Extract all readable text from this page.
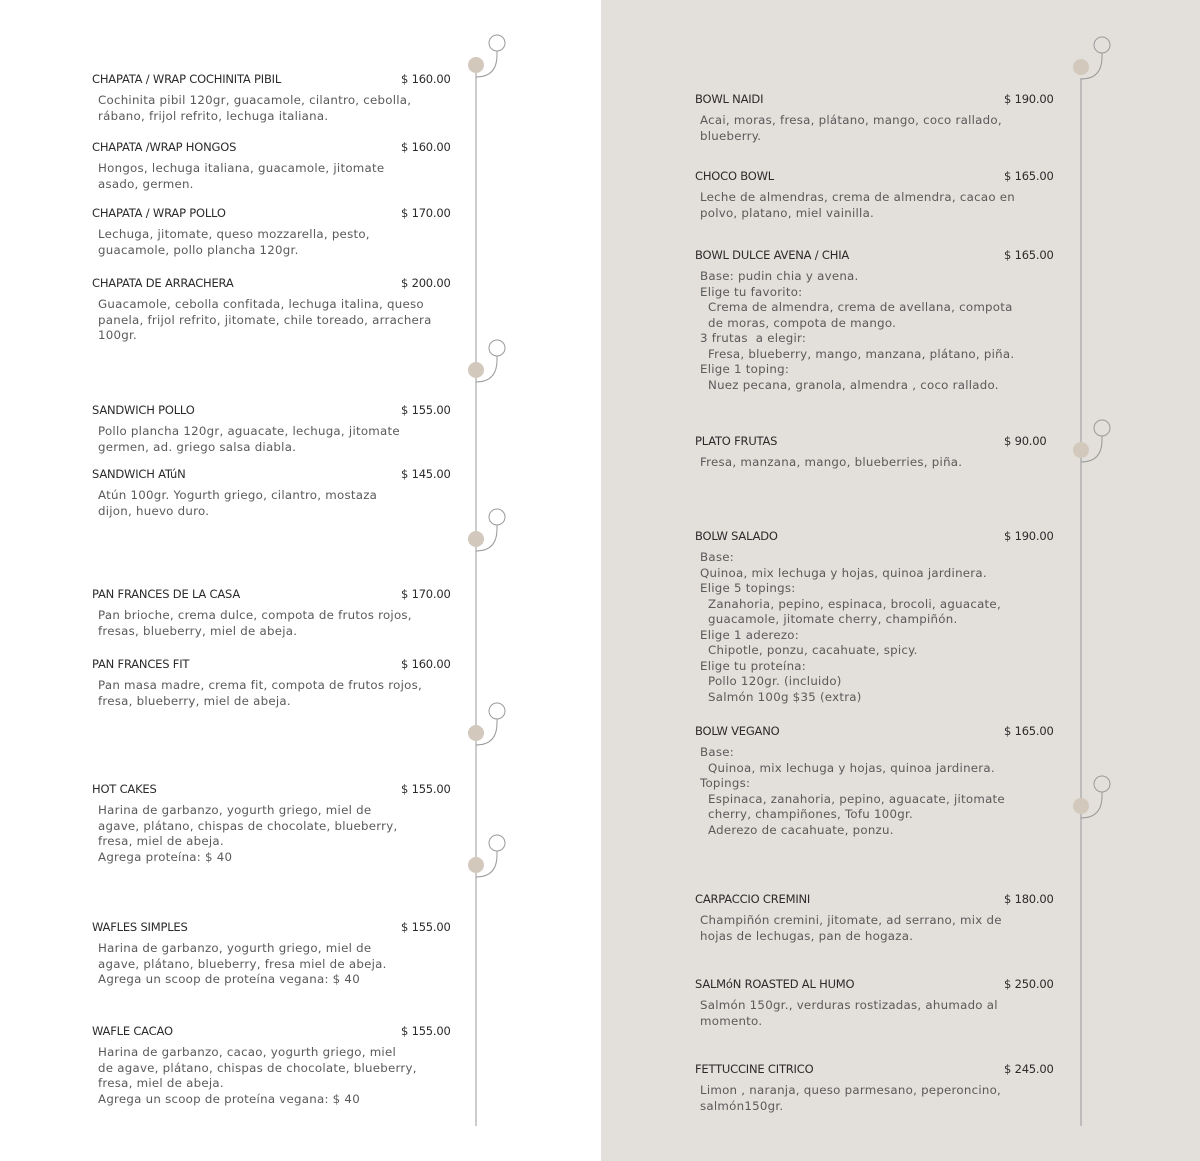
CHAPATA / WRAP COCHINITA PIBIL	$ 160.00
Cochinita pibil 120gr, guacamole, cilantro, cebolla,
rábano, frijol refrito, lechuga italiana.
CHAPATA /WRAP HONGOS	$ 160.00
Hongos, lechuga italiana, guacamole, jitomate
asado, germen.
CHAPATA / WRAP POLLO	$ 170.00
Lechuga, jitomate, queso mozzarella, pesto,
guacamole, pollo plancha 120gr.
CHAPATA DE ARRACHERA	$ 200.00
Guacamole, cebolla confitada, lechuga italina, queso
panela, frijol refrito, jitomate, chile toreado, arrachera
100gr.
SANDWICH POLLO	$ 155.00
Pollo plancha 120gr, aguacate, lechuga, jitomate
germen, ad. griego salsa diabla.
SANDWICH ATúN	$ 145.00
Atún 100gr. Yogurth griego, cilantro, mostaza
dijon, huevo duro.
PAN FRANCES DE LA CASA	$ 170.00
Pan brioche, crema dulce, compota de frutos rojos,
fresas, blueberry, miel de abeja.
PAN FRANCES FIT	$ 160.00
Pan masa madre, crema fit, compota de frutos rojos,
fresa, blueberry, miel de abeja.
HOT CAKES	$ 155.00
Harina de garbanzo, yogurth griego, miel de
agave, plátano, chispas de chocolate, blueberry,
fresa, miel de abeja.
Agrega proteína: $ 40
WAFLES SIMPLES	$ 155.00
Harina de garbanzo, yogurth griego, miel de
agave, plátano, blueberry, fresa miel de abeja.
Agrega un scoop de proteína vegana: $ 40
WAFLE CACAO	$ 155.00
Harina de garbanzo, cacao, yogurth griego, miel
de agave, plátano, chispas de chocolate, blueberry,
fresa, miel de abeja.
Agrega un scoop de proteína vegana: $ 40
BOWL NAIDI	$ 190.00
Acai, moras, fresa, plátano, mango, coco rallado,
blueberry.
CHOCO BOWL	$ 165.00
Leche de almendras, crema de almendra, cacao en
polvo, platano, miel vainilla.
BOWL DULCE AVENA / CHIA	$ 165.00
Base: pudin chia y avena.
Elige tu favorito:
Crema de almendra, crema de avellana, compota
de moras, compota de mango.
3 frutas  a elegir:
Fresa, blueberry, mango, manzana, plátano, piña.
Elige 1 toping:
Nuez pecana, granola, almendra , coco rallado.
PLATO FRUTAS	$ 90.00
Fresa, manzana, mango, blueberries, piña.
BOLW SALADO	$ 190.00
Base:
Quinoa, mix lechuga y hojas, quinoa jardinera.
Elige 5 topings:
Zanahoria, pepino, espinaca, brocoli, aguacate,
guacamole, jitomate cherry, champiñón.
Elige 1 aderezo:
Chipotle, ponzu, cacahuate, spicy.
Elige tu proteína:
Pollo 120gr. (incluido)
Salmón 100g $35 (extra)
BOLW VEGANO	$ 165.00
Base:
Quinoa, mix lechuga y hojas, quinoa jardinera.
Topings:
Espinaca, zanahoria, pepino, aguacate, jitomate
cherry, champiñones, Tofu 100gr.
Aderezo de cacahuate, ponzu.
CARPACCIO CREMINI	$ 180.00
Champiñón cremini, jitomate, ad serrano, mix de
hojas de lechugas, pan de hogaza.
SALMóN ROASTED AL HUMO	$ 250.00
Salmón 150gr., verduras rostizadas, ahumado al
momento.
FETTUCCINE CITRICO	$ 245.00
Limon , naranja, queso parmesano, peperoncino,
salmón150gr.
